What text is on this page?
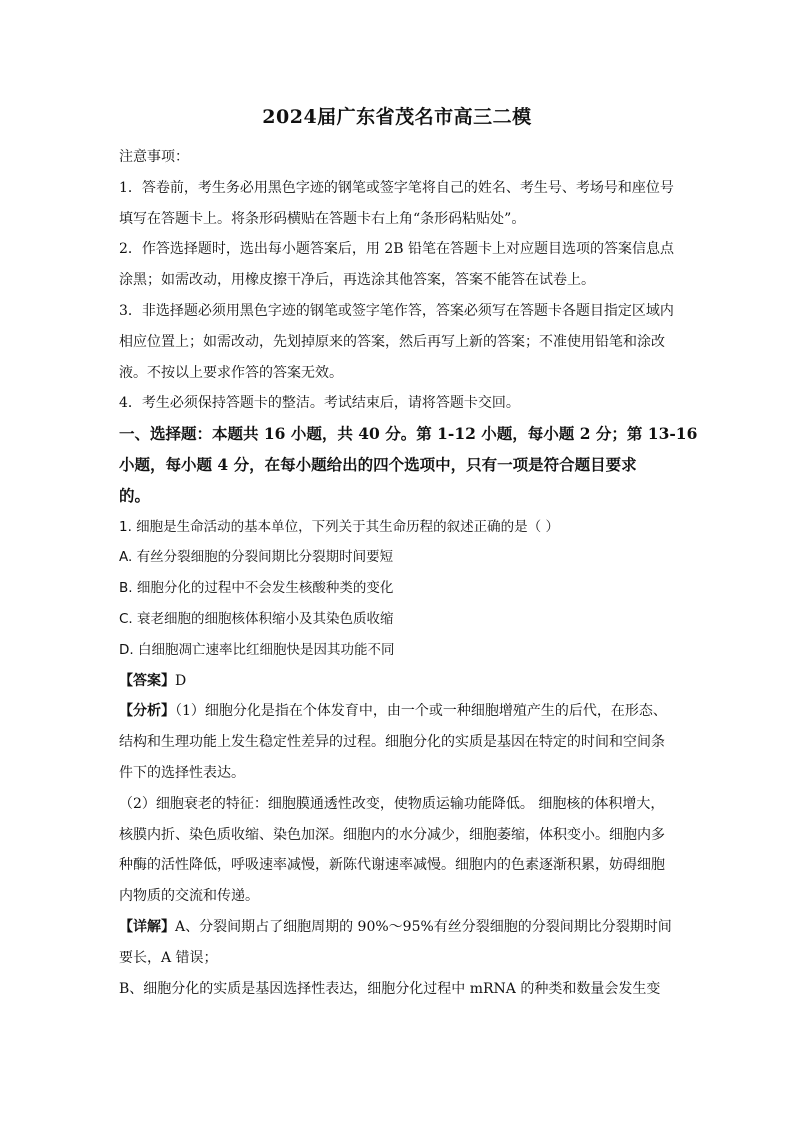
2024届广东省茂名市高三二模
注意事项：
1．答卷前，考生务必用黑色字迹的钢笔或签字笔将自己的姓名、考生号、考场号和座位号
填写在答题卡上。将条形码横贴在答题卡右上角“条形码粘贴处”。
2．作答选择题时，选出每小题答案后，用 2B 铅笔在答题卡上对应题目选项的答案信息点
涂黑；如需改动，用橡皮擦干净后，再选涂其他答案，答案不能答在试卷上。
3．非选择题必须用黑色字迹的钢笔或签字笔作答，答案必须写在答题卡各题目指定区域内
相应位置上；如需改动，先划掉原来的答案，然后再写上新的答案；不准使用铅笔和涂改
液。不按以上要求作答的答案无效。
4．考生必须保持答题卡的整洁。考试结束后，请将答题卡交回。
一、选择题：本题共 16 小题，共 40 分。第 1-12 小题，每小题 2 分；第 13-16
小题，每小题 4 分，在每小题给出的四个选项中，只有一项是符合题目要求
的。
1. 细胞是生命活动的基本单位，下列关于其生命历程的叙述正确的是（ ）
A. 有丝分裂细胞的分裂间期比分裂期时间要短
B. 细胞分化的过程中不会发生核酸种类的变化
C. 衰老细胞的细胞核体积缩小及其染色质收缩
D. 白细胞凋亡速率比红细胞快是因其功能不同
【答案】D
【分析】（1）细胞分化是指在个体发育中，由一个或一种细胞增殖产生的后代，在形态、
结构和生理功能上发生稳定性差异的过程。细胞分化的实质是基因在特定的时间和空间条
件下的选择性表达。
（2）细胞衰老的特征：细胞膜通透性改变，使物质运输功能降低。 细胞核的体积增大，
核膜内折、染色质收缩、染色加深。细胞内的水分减少，细胞萎缩，体积变小。细胞内多
种酶的活性降低，呼吸速率减慢，新陈代谢速率减慢。细胞内的色素逐渐积累，妨碍细胞
内物质的交流和传递。
【详解】A、分裂间期占了细胞周期的 90%～95%有丝分裂细胞的分裂间期比分裂期时间
要长，A 错误；
B、细胞分化的实质是基因选择性表达，细胞分化过程中 mRNA 的种类和数量会发生变
